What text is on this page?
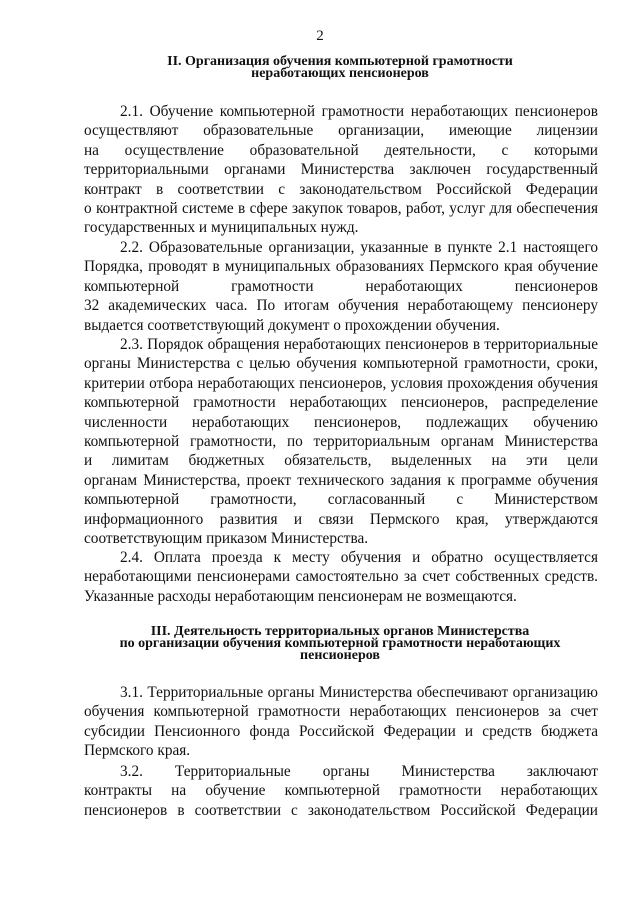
2
II. Организация обучения компьютерной грамотности
неработающих пенсионеров
2.1. Обучение компьютерной грамотности неработающих пенсионеров
осуществляют образовательные организации, имеющие лицензии
на осуществление образовательной деятельности, с которыми
территориальными органами Министерства заключен государственный
контракт в соответствии с законодательством Российской Федерации
о контрактной системе в сфере закупок товаров, работ, услуг для обеспечения
государственных и муниципальных нужд.
2.2. Образовательные организации, указанные в пункте 2.1 настоящего
Порядка, проводят в муниципальных образованиях Пермского края обучение
компьютерной грамотности неработающих пенсионеров
32 академических часа. По итогам обучения неработающему пенсионеру
выдается соответствующий документ о прохождении обучения.
2.3. Порядок обращения неработающих пенсионеров в территориальные
органы Министерства с целью обучения компьютерной грамотности, сроки,
критерии отбора неработающих пенсионеров, условия прохождения обучения
компьютерной грамотности неработающих пенсионеров, распределение
численности неработающих пенсионеров, подлежащих обучению
компьютерной грамотности, по территориальным органам Министерства
и лимитам бюджетных обязательств, выделенных на эти цели
органам Министерства, проект технического задания к программе обучения
компьютерной грамотности, согласованный с Министерством
информационного развития и связи Пермского края, утверждаются
соответствующим приказом Министерства.
2.4. Оплата проезда к месту обучения и обратно осуществляется
неработающими пенсионерами самостоятельно за счет собственных средств.
Указанные расходы неработающим пенсионерам не возмещаются.
III. Деятельность территориальных органов Министерства
по организации обучения компьютерной грамотности неработающих
пенсионеров
3.1. Территориальные органы Министерства обеспечивают организацию
обучения компьютерной грамотности неработающих пенсионеров за счет
субсидии Пенсионного фонда Российской Федерации и средств бюджета
Пермского края.
3.2. Территориальные органы Министерства заключают
контракты на обучение компьютерной грамотности неработающих
пенсионеров в соответствии с законодательством Российской Федерации
